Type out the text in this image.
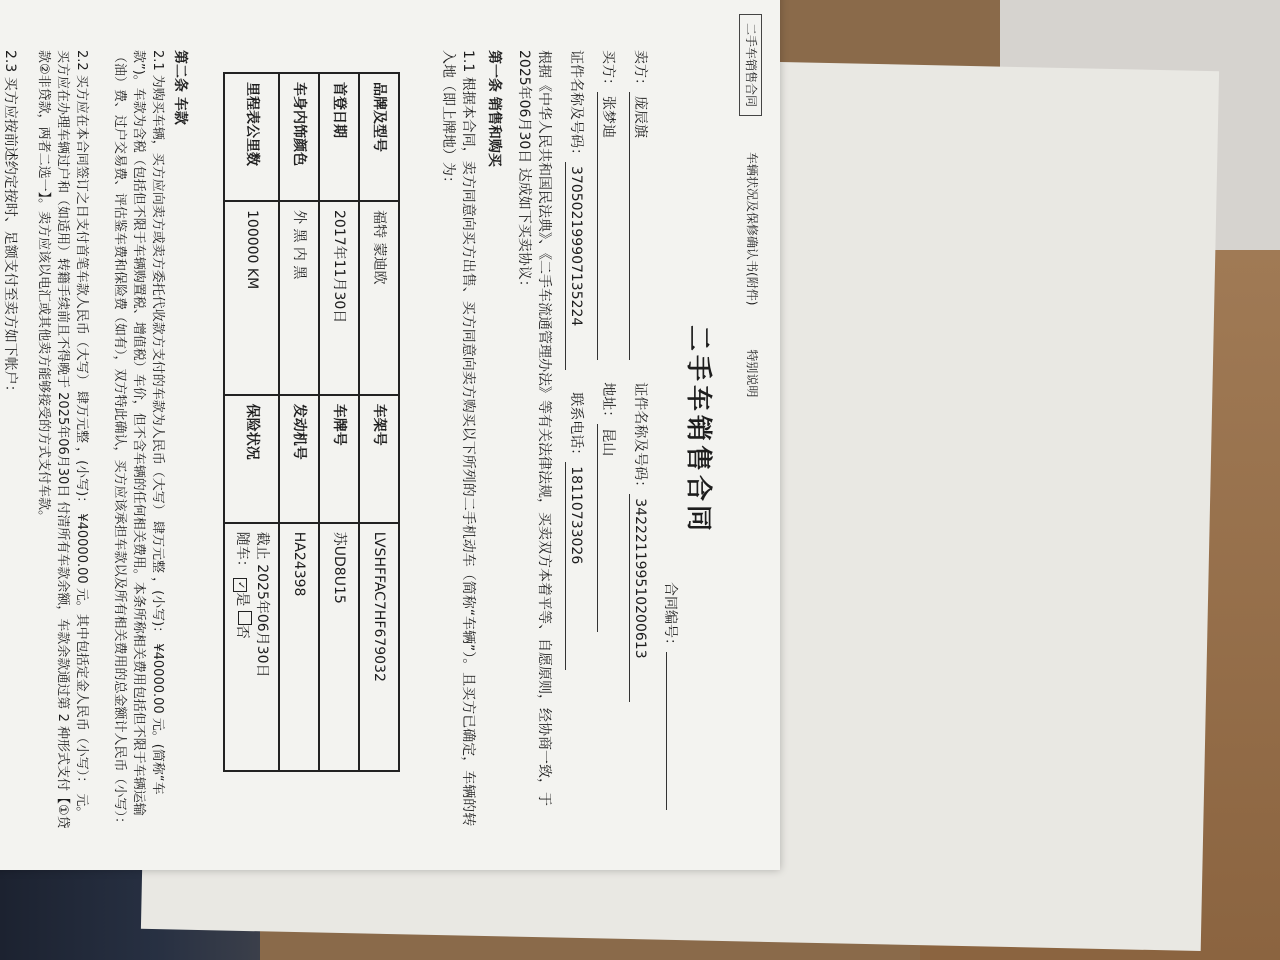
二手车销售合同
车辆状况及保修确认书(附件)
特别说明
二手车销售合同
合同编号：
卖方：庞辰旗     证件名称及号码：342221199510200613
买方：张梦迪     地址：昆山
证件名称及号码：370502199907135224     联系电话：18110733026
根据《中华人民共和国民法典》、《二手车流通管理办法》等有关法律法规，买卖双方本着平等、自愿原则，经协商一致，于 2025年06月30日 达成如下买卖协议：
第一条 销售和购买
1.1 根据本合同，卖方同意向买方出售、买方同意向卖方购买以下所列的二手机动车（简称“车辆”）。且买方已确定，车辆的转入地（即上牌地）为：
品牌及型号	福特 蒙迪欧	车架号	LVSHFFAC7HF679032
首登日期	2017年11月30日	车牌号	苏UD8U15
车身内饰颜色	外 黑 内 黑	发动机号	HA24398
里程表公里数	100000 KM	保险状况	截止 2025年06月30日
随车： ✓是 否
第二条 车款
2.1 为购买车辆，买方应向卖方或卖方委托代收款方支付的车款为人民币（大写） 肆万元整 ，(小写)： ¥40000.00 元。(简称“车款”)。车款为含税（包括但不限于车辆购置税、增值税）车价，但不含车辆的任何相关费用。本条所称相关费用包括但不限于车辆运输（油）费、过户交易费、评估鉴车费和保险费（如有），双方特此确认，买方应该承担车款以及所有相关费用的总金额计人民币（小写）：
2.2 买方应在本合同签订之日支付首笔车款人民币（大写） 肆万元整 ，(小写)： ¥40000.00 元。其中包括定金人民币（小写）： 元。买方应在办理车辆过户和（如适用）转籍手续前且不得晚于 2025年06月30日 付清所有车款余额，车款余款通过第 2 种形式支付【①贷款②非贷款，两者二选一】。卖方应该以电汇或其他卖方能够接受的方式支付车款。
2.3 买方应按前述约定按时、足额支付至卖方如下帐户：
